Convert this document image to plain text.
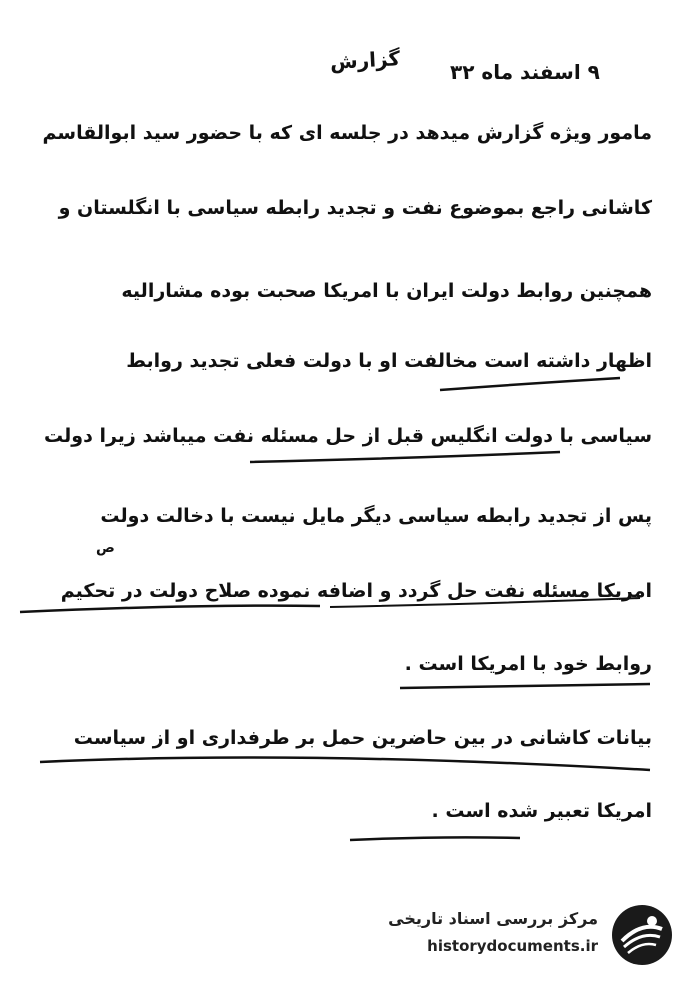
گزارش ۹ اسفند ماه ۳۲
مامور ویژه گزارش میدهد در جلسه ای که با حضور سید ابوالقاسم
کاشانی راجع بموضوع نفت و تجدید رابطه سیاسی با انگلستان و
همچنین روابط دولت ایران با امریکا صحبت بوده مشارالیه
اظهار داشته است مخالفت او با دولت فعلی تجدید روابط
سیاسی با دولت انگلیس قبل از حل مسئله نفت میباشد زیرا دولت
پس از تجدید رابطه سیاسی دیگر مایل نیست با دخالت دولت
امریکا مسئله نفت حل گردد و اضافه نموده صلاح دولت در تحکیم
روابط خود با امریکا است .
بیانات کاشانی در بین حاضرین حمل بر طرفداری او از سیاست
امریکا تعبیر شده است .
ص
مرکز بررسی اسناد تاریخی
historydocuments.ir
